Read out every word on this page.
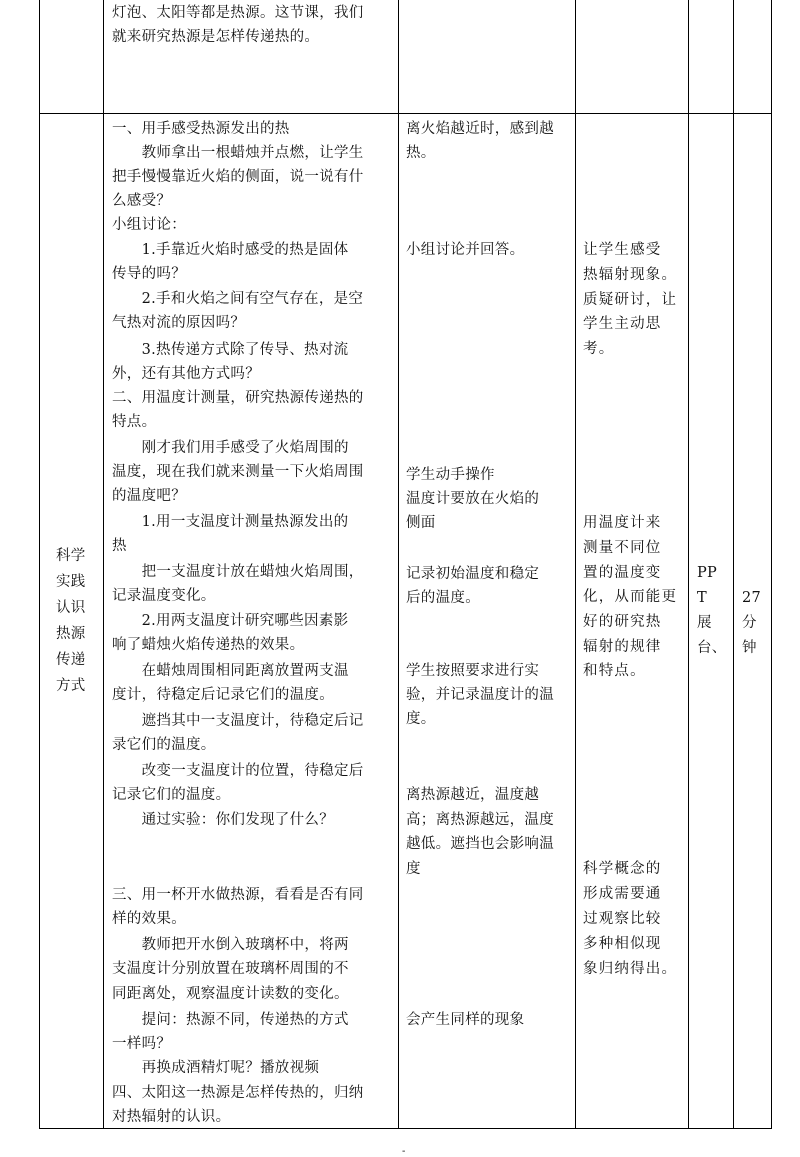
灯泡、太阳等都是热源。这节课，我们
就来研究热源是怎样传递热的。
科学
实践
认识
热源
传递
方式
一、用手感受热源发出的热
　　教师拿出一根蜡烛并点燃，让学生
把手慢慢靠近火焰的侧面，说一说有什
么感受？
小组讨论：
　　1.手靠近火焰时感受的热是固体
传导的吗？
　　2.手和火焰之间有空气存在，是空
气热对流的原因吗？
　　3.热传递方式除了传导、热对流
外，还有其他方式吗？
二、用温度计测量，研究热源传递热的
特点。
　　刚才我们用手感受了火焰周围的
温度，现在我们就来测量一下火焰周围
的温度吧？
　　1.用一支温度计测量热源发出的
热
　　把一支温度计放在蜡烛火焰周围，
记录温度变化。
　　2.用两支温度计研究哪些因素影
响了蜡烛火焰传递热的效果。
　　在蜡烛周围相同距离放置两支温
度计，待稳定后记录它们的温度。
　　遮挡其中一支温度计，待稳定后记
录它们的温度。
　　改变一支温度计的位置，待稳定后
记录它们的温度。
　　通过实验：你们发现了什么？
三、用一杯开水做热源，看看是否有同
样的效果。
　　教师把开水倒入玻璃杯中，将两
支温度计分别放置在玻璃杯周围的不
同距离处，观察温度计读数的变化。
　　提问：热源不同，传递热的方式
一样吗？
　　再换成酒精灯呢？播放视频
四、太阳这一热源是怎样传热的，归纳
对热辐射的认识。
离火焰越近时，感到越
热。
小组讨论并回答。
学生动手操作
温度计要放在火焰的
侧面
记录初始温度和稳定
后的温度。
学生按照要求进行实
验，并记录温度计的温
度。
离热源越近，温度越
高；离热源越远，温度
越低。遮挡也会影响温
度
会产生同样的现象
让学生感受
热辐射现象。
质疑研讨，让
学生主动思
考。
用温度计来
测量不同位
置的温度变
化，从而能更
好的研究热
辐射的规律
和特点。
科学概念的
形成需要通
过观察比较
多种相似现
象归纳得出。
PP
T
展
台、
27
分
钟
-
